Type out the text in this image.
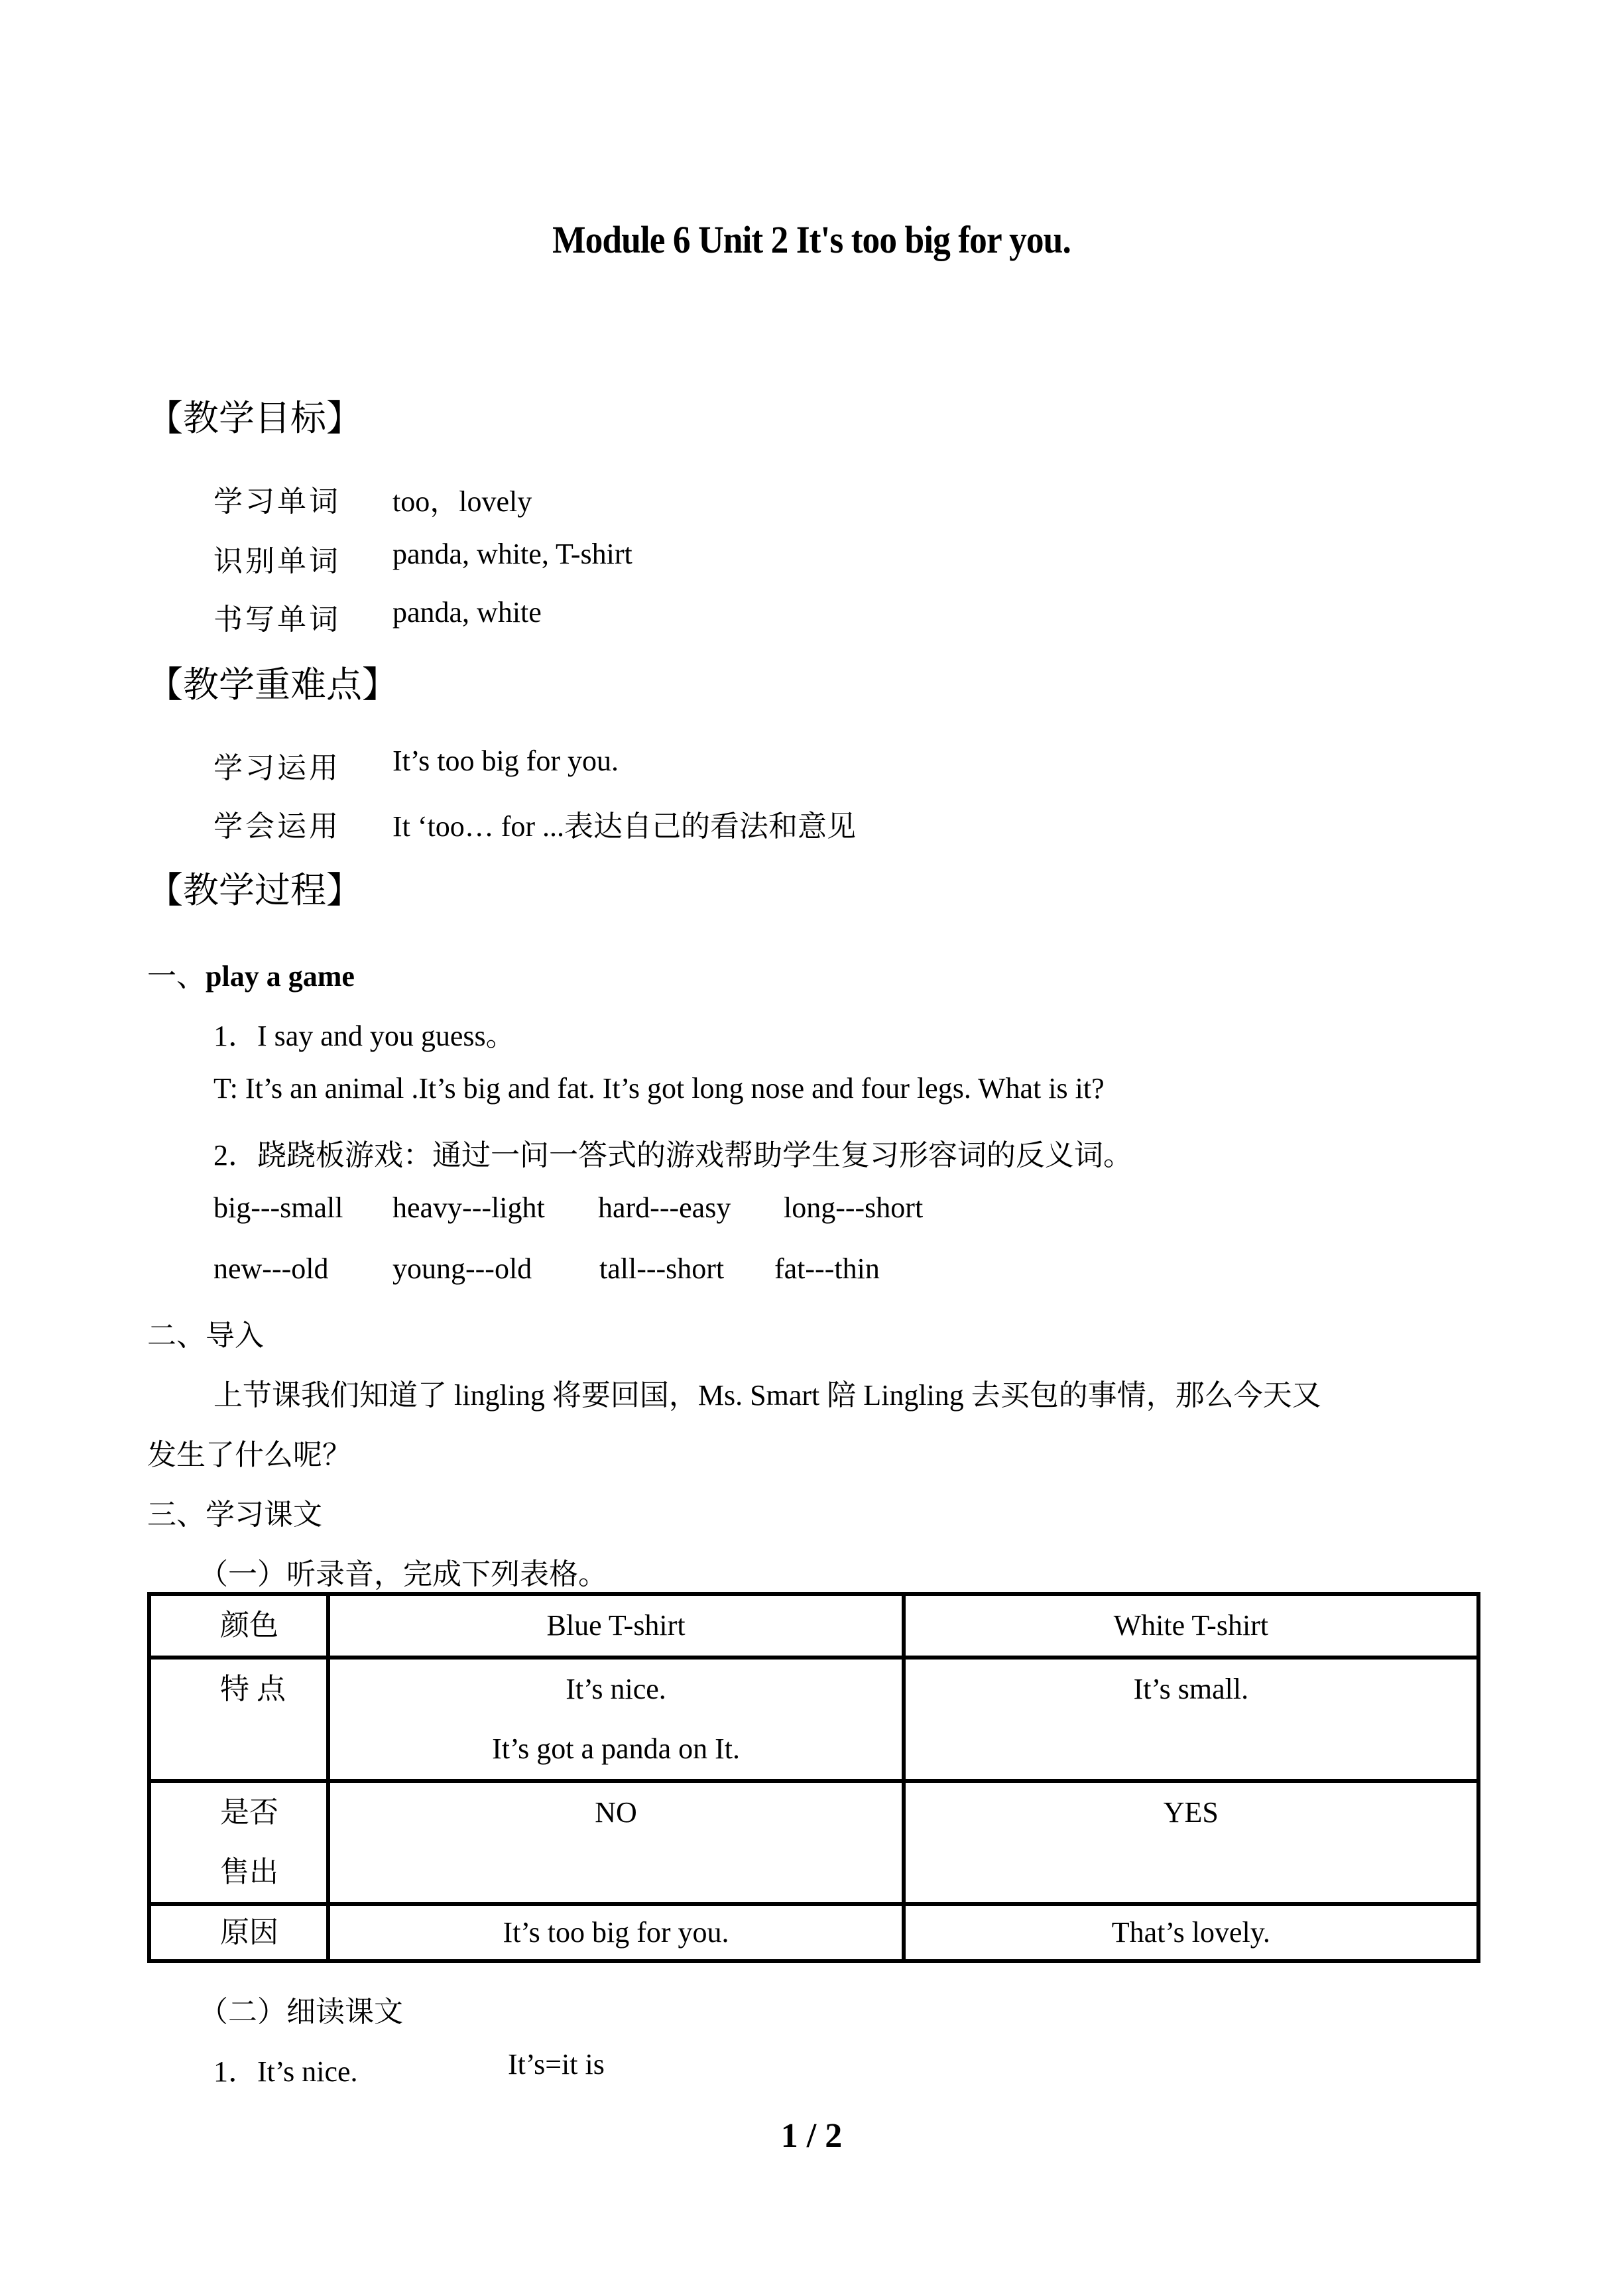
Module 6 Unit 2 It's too big for you.
【教学目标】
学习单词 too，lovely
识别单词 panda, white, T-shirt
书写单词 panda, white
【教学重难点】
学习运用 It’s too big for you.
学会运用 It ‘too… for ...表达自己的看法和意见
【教学过程】
一、play a game
1．I say and you guess。
T: It’s an animal .It’s big and fat. It’s got long nose and four legs. What is it?
2．跷跷板游戏：通过一问一答式的游戏帮助学生复习形容词的反义词。
big---small heavy---light hard---easy long---short
new---old young---old tall---short fat---thin
二、导入
上节课我们知道了 lingling 将要回国，Ms. Smart 陪 Lingling 去买包的事情，那么今天又
发生了什么呢？
三、学习课文
（一）听录音，完成下列表格。
颜色	Blue T-shirt	White T-shirt

特 点	It’s nice.
It’s got a panda on It.	It’s small.

是否
售出	NO	YES

原因	It’s too big for you.	That’s lovely.
（二）细读课文
1．It’s nice.	It’s=it is
1 / 2
